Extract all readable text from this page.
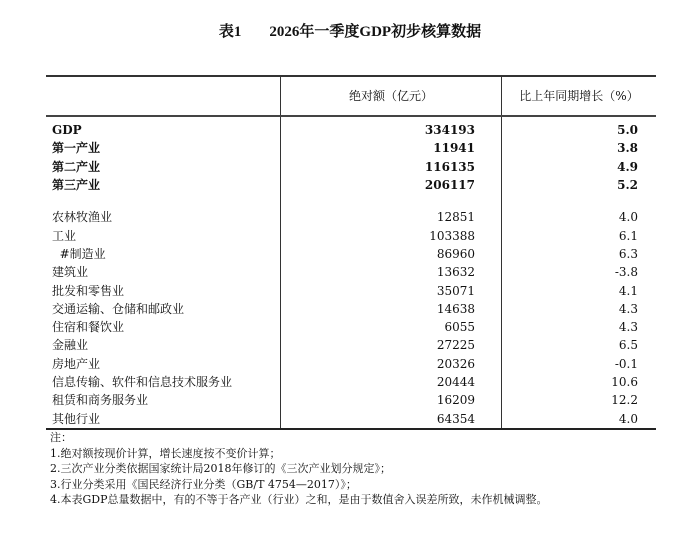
表1 2026年一季度GDP初步核算数据
	绝对额（亿元）	比上年同期增长（%）
GDP	334193	5.0
第一产业	11941	3.8
第二产业	116135	4.9
第三产业	206117	5.2

农林牧渔业	12851	4.0
工业	103388	6.1
#制造业	86960	6.3
建筑业	13632	-3.8
批发和零售业	35071	4.1
交通运输、仓储和邮政业	14638	4.3
住宿和餐饮业	6055	4.3
金融业	27225	6.5
房地产业	20326	-0.1
信息传输、软件和信息技术服务业	20444	10.6
租赁和商务服务业	16209	12.2
其他行业	64354	4.0
注：
1.绝对额按现价计算，增长速度按不变价计算；
2.三次产业分类依据国家统计局2018年修订的《三次产业划分规定》；
3.行业分类采用《国民经济行业分类（GB/T 4754—2017）》；
4.本表GDP总量数据中，有的不等于各产业（行业）之和，是由于数值舍入误差所致，未作机械调整。
